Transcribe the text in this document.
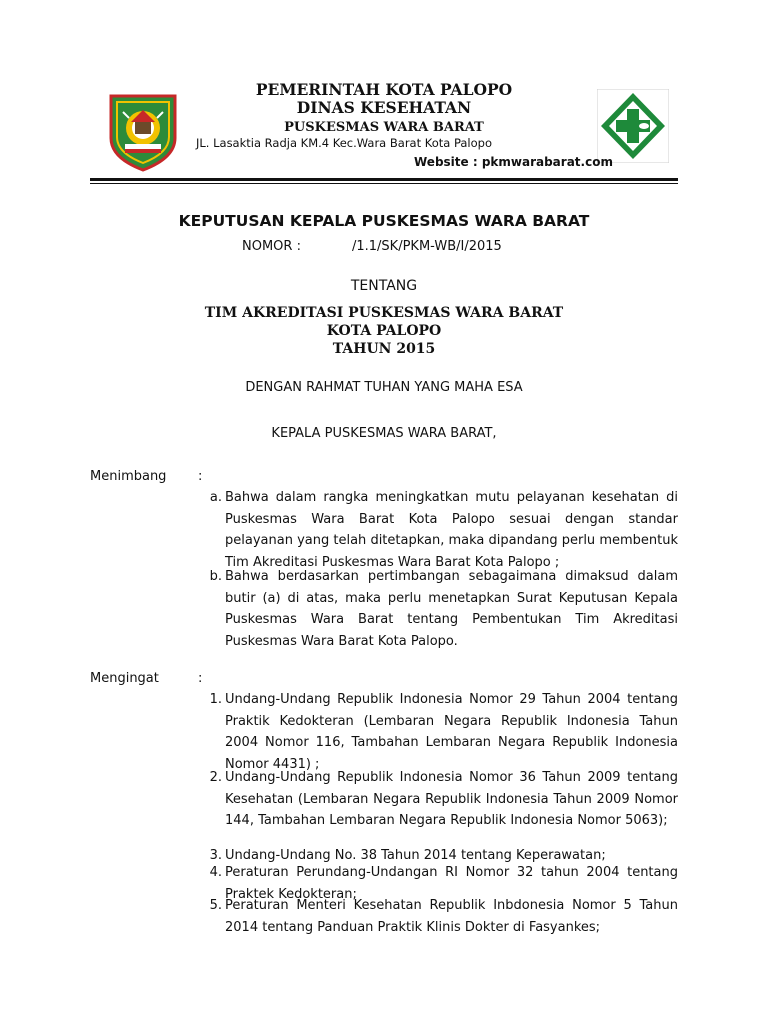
PEMERINTAH KOTA PALOPO
DINAS KESEHATAN
PUSKESMAS WARA BARAT
JL. Lasaktia Radja KM.4 Kec.Wara Barat Kota Palopo
Website : pkmwarabarat.com
KEPUTUSAN KEPALA PUSKESMAS WARA BARAT
NOMOR :	/1.1/SK/PKM-WB/I/2015
TENTANG
TIM AKREDITASI PUSKESMAS WARA BARAT
KOTA PALOPO
TAHUN 2015
DENGAN RAHMAT TUHAN YANG MAHA ESA
KEPALA PUSKESMAS WARA BARAT,
Menimbang :
a. Bahwa dalam rangka meningkatkan mutu pelayanan kesehatan di Puskesmas Wara Barat Kota Palopo sesuai dengan standar pelayanan yang telah ditetapkan, maka dipandang perlu membentuk Tim Akreditasi Puskesmas Wara Barat Kota Palopo ;
b. Bahwa berdasarkan pertimbangan sebagaimana dimaksud dalam butir (a) di atas, maka perlu menetapkan Surat Keputusan Kepala Puskesmas Wara Barat tentang Pembentukan Tim Akreditasi Puskesmas Wara Barat Kota Palopo.
Mengingat	:
1. Undang-Undang Republik Indonesia Nomor 29 Tahun 2004 tentang Praktik Kedokteran (Lembaran Negara Republik Indonesia Tahun 2004 Nomor 116, Tambahan Lembaran Negara Republik Indonesia Nomor 4431) ;
2. Undang-Undang Republik Indonesia Nomor 36 Tahun 2009 tentang Kesehatan (Lembaran Negara Republik Indonesia Tahun 2009 Nomor 144, Tambahan Lembaran Negara Republik Indonesia Nomor 5063);
3. Undang-Undang No. 38 Tahun 2014 tentang Keperawatan;
4. Peraturan Perundang-Undangan RI Nomor 32 tahun 2004 tentang Praktek Kedokteran;
5. Peraturan Menteri Kesehatan Republik Inbdonesia Nomor 5 Tahun 2014 tentang Panduan Praktik Klinis Dokter di Fasyankes;
